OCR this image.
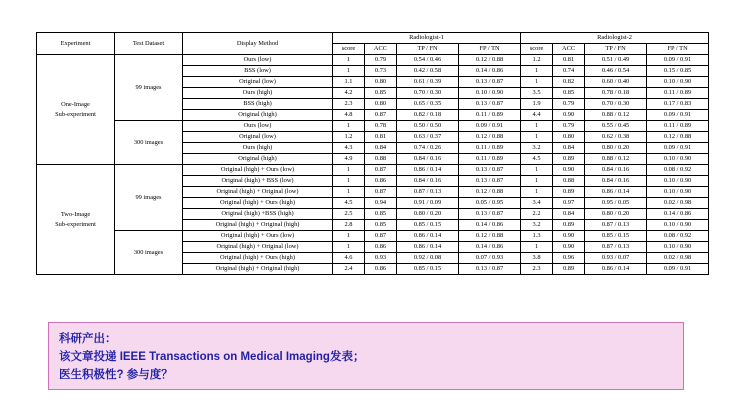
Experiment	Test Dataset	Display Method	Radiologist-1				Radiologist-2			
			score	ACC	TP / FN	FP / TN	score	ACC	TP / FN	FP / TN
One-Image
Sub-experiment	99 images	Ours (low)	1	0.79	0.54 / 0.46	0.12 / 0.88	1.2	0.81	0.51 / 0.49	0.09 / 0.91
		BSS (low)	1	0.73	0.42 / 0.58	0.14 / 0.86	1	0.74	0.46 / 0.54	0.15 / 0.85
		Original (low)	1.1	0.80	0.61 / 0.39	0.13 / 0.87	1	0.82	0.60 / 0.40	0.10 / 0.90
		Ours (high)	4.2	0.85	0.70 / 0.30	0.10 / 0.90	3.5	0.85	0.78 / 0.18	0.11 / 0.89
		BSS (high)	2.3	0.80	0.65 / 0.35	0.13 / 0.87	1.9	0.79	0.70 / 0.30	0.17 / 0.83
		Original (high)	4.8	0.87	0.82 / 0.18	0.11 / 0.89	4.4	0.90	0.88 / 0.12	0.09 / 0.91
	300 images	Ours (low)	1	0.78	0.50 / 0.50	0.09 / 0.91	1	0.79	0.55 / 0.45	0.11 / 0.89
		Original (low)	1.2	0.81	0.63 / 0.37	0.12 / 0.88	1	0.80	0.62 / 0.38	0.12 / 0.88
		Ours (high)	4.3	0.84	0.74 / 0.26	0.11 / 0.89	3.2	0.84	0.80 / 0.20	0.09 / 0.91
		Original (high)	4.9	0.88	0.84 / 0.16	0.11 / 0.89	4.5	0.89	0.88 / 0.12	0.10 / 0.90
Two-Image
Sub-experiment	99 images	Original (high) + Ours (low)	1	0.87	0.86 / 0.14	0.13 / 0.87	1	0.90	0.84 / 0.16	0.08 / 0.92
		Original (high) + BSS (low)	1	0.86	0.84 / 0.16	0.13 / 0.87	1	0.88	0.84 / 0.16	0.10 / 0.90
		Original (high) + Original (low)	1	0.87	0.87 / 0.13	0.12 / 0.88	1	0.89	0.86 / 0.14	0.10 / 0.90
		Original (high) + Ours (high)	4.5	0.94	0.91 / 0.09	0.05 / 0.95	3.4	0.97	0.95 / 0.05	0.02 / 0.98
		Original (high) +BSS (high)	2.5	0.85	0.80 / 0.20	0.13 / 0.87	2.2	0.84	0.80 / 0.20	0.14 / 0.86
		Original (high) + Original (high)	2.8	0.85	0.85 / 0.15	0.14 / 0.86	3.2	0.89	0.87 / 0.13	0.10 / 0.90
	300 images	Original (high) + Ours (low)	1	0.87	0.86 / 0.14	0.12 / 0.88	1.3	0.90	0.85 / 0.15	0.08 / 0.92
		Original (high) + Original (low)	1	0.86	0.86 / 0.14	0.14 / 0.86	1	0.90	0.87 / 0.13	0.10 / 0.90
		Original (high) + Ours (high)	4.6	0.93	0.92 / 0.08	0.07 / 0.93	3.8	0.96	0.93 / 0.07	0.02 / 0.98
		Original (high) + Original (high)	2.4	0.86	0.85 / 0.15	0.13 / 0.87	2.3	0.89	0.86 / 0.14	0.09 / 0.91
科研产出：
该文章投递 IEEE Transactions on Medical Imaging发表；
医生积极性? 参与度？
